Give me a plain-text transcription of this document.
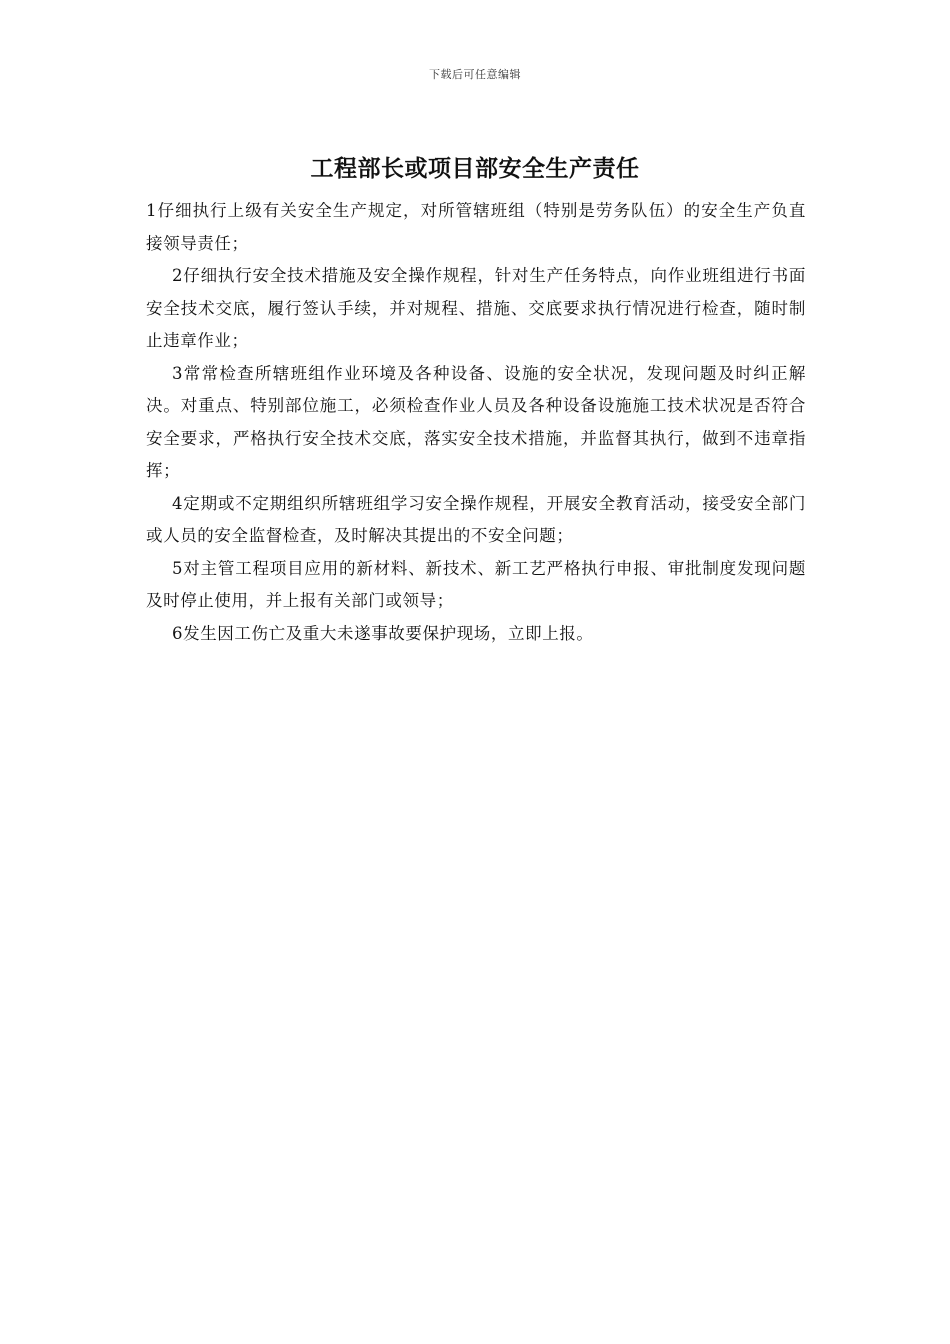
下载后可任意编辑
工程部长或项目部安全生产责任

1仔细执行上级有关安全生产规定，对所管辖班组（特别是劳务队伍）的安全生产负直接领导责任；

2仔细执行安全技术措施及安全操作规程，针对生产任务特点，向作业班组进行书面安全技术交底，履行签认手续，并对规程、措施、交底要求执行情况进行检查，随时制止违章作业；

3常常检查所辖班组作业环境及各种设备、设施的安全状况，发现问题及时纠正解决。对重点、特别部位施工，必须检查作业人员及各种设备设施施工技术状况是否符合安全要求，严格执行安全技术交底，落实安全技术措施，并监督其执行，做到不违章指挥；

4定期或不定期组织所辖班组学习安全操作规程，开展安全教育活动，接受安全部门或人员的安全监督检查，及时解决其提出的不安全问题；

5对主管工程项目应用的新材料、新技术、新工艺严格执行申报、审批制度发现问题及时停止使用，并上报有关部门或领导；

6发生因工伤亡及重大未遂事故要保护现场，立即上报。
